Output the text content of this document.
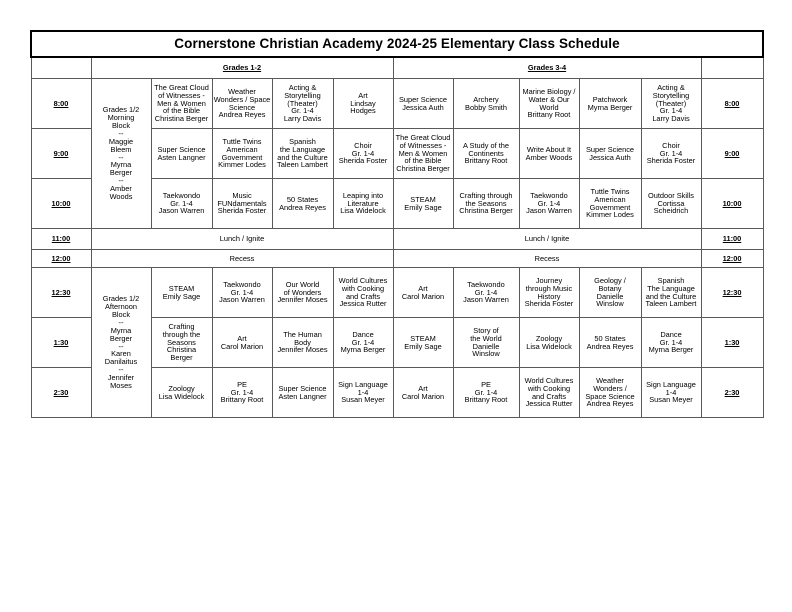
Cornerstone Christian Academy 2024-25 Elementary Class Schedule											
	Grades 1-2					Grades 3-4					
8:00	Grades 1/2
Morning
Block
--
Maggie
Bleem
--
Myrna
Berger
--
Amber
Woods	The Great Cloud
of Witnesses -
Men & Women
of the Bible
Christina Berger	Weather
Wonders / Space
Science
Andrea Reyes	Acting &
Storytelling
(Theater)
Gr. 1-4
Larry Davis	Art
Lindsay
Hodges	Super Science
Jessica Auth	Archery
Bobby Smith	Marine Biology /
Water & Our
World
Brittany Root	Patchwork
Myrna Berger	Acting &
Storytelling
(Theater)
Gr. 1-4
Larry Davis	8:00
9:00		Super Science
Asten Langner	Tuttle Twins
American
Government
Kimmer Lodes	Spanish
the Language
and the Culture
Taleen Lambert	Choir
Gr. 1-4
Sherida Foster	The Great Cloud
of Witnesses -
Men & Women
of the Bible
Christina Berger	A Study of the
Continents
Brittany Root	Write About It
Amber Woods	Super Science
Jessica Auth	Choir
Gr. 1-4
Sherida Foster	9:00
10:00		Taekwondo
Gr. 1-4
Jason Warren	Music
FUNdamentals
Sherida Foster	50 States
Andrea Reyes	Leaping into
Literature
Lisa Widelock	STEAM
Emily Sage	Crafting through
the Seasons
Christina Berger	Taekwondo
Gr. 1-4
Jason Warren	Tuttle Twins
American
Government
Kimmer Lodes	Outdoor Skills
Cortissa
Scheidrich	10:00
11:00	Lunch / Ignite					Lunch / Ignite					11:00
12:00	Recess					Recess					12:00
12:30	Grades 1/2
Afternoon
Block
--
Myrna
Berger
--
Karen
Danilaitus
--
Jennifer
Moses	STEAM
Emily Sage	Taekwondo
Gr. 1-4
Jason Warren	Our World
of Wonders
Jennifer Moses	World Cultures
with Cooking
and Crafts
Jessica Rutter	Art
Carol Marion	Taekwondo
Gr. 1-4
Jason Warren	Journey
through Music
History
Sherida Foster	Geology /
Botany
Danielle
Winslow	Spanish
The Language
and the Culture
Taleen Lambert	12:30
1:30		Crafting
through the
Seasons
Christina
Berger	Art
Carol Marion	The Human
Body
Jennifer Moses	Dance
Gr. 1-4
Myrna Berger	STEAM
Emily Sage	Story of
the World
Danielle
Winslow	Zoology
Lisa Widelock	50 States
Andrea Reyes	Dance
Gr. 1-4
Myrna Berger	1:30
2:30		Zoology
Lisa Widelock	PE
Gr. 1-4
Brittany Root	Super Science
Asten Langner	Sign Language
1-4
Susan Meyer	Art
Carol Marion	PE
Gr. 1-4
Brittany Root	World Cultures
with Cooking
and Crafts
Jessica Rutter	Weather
Wonders /
Space Science
Andrea Reyes	Sign Language
1-4
Susan Meyer	2:30
